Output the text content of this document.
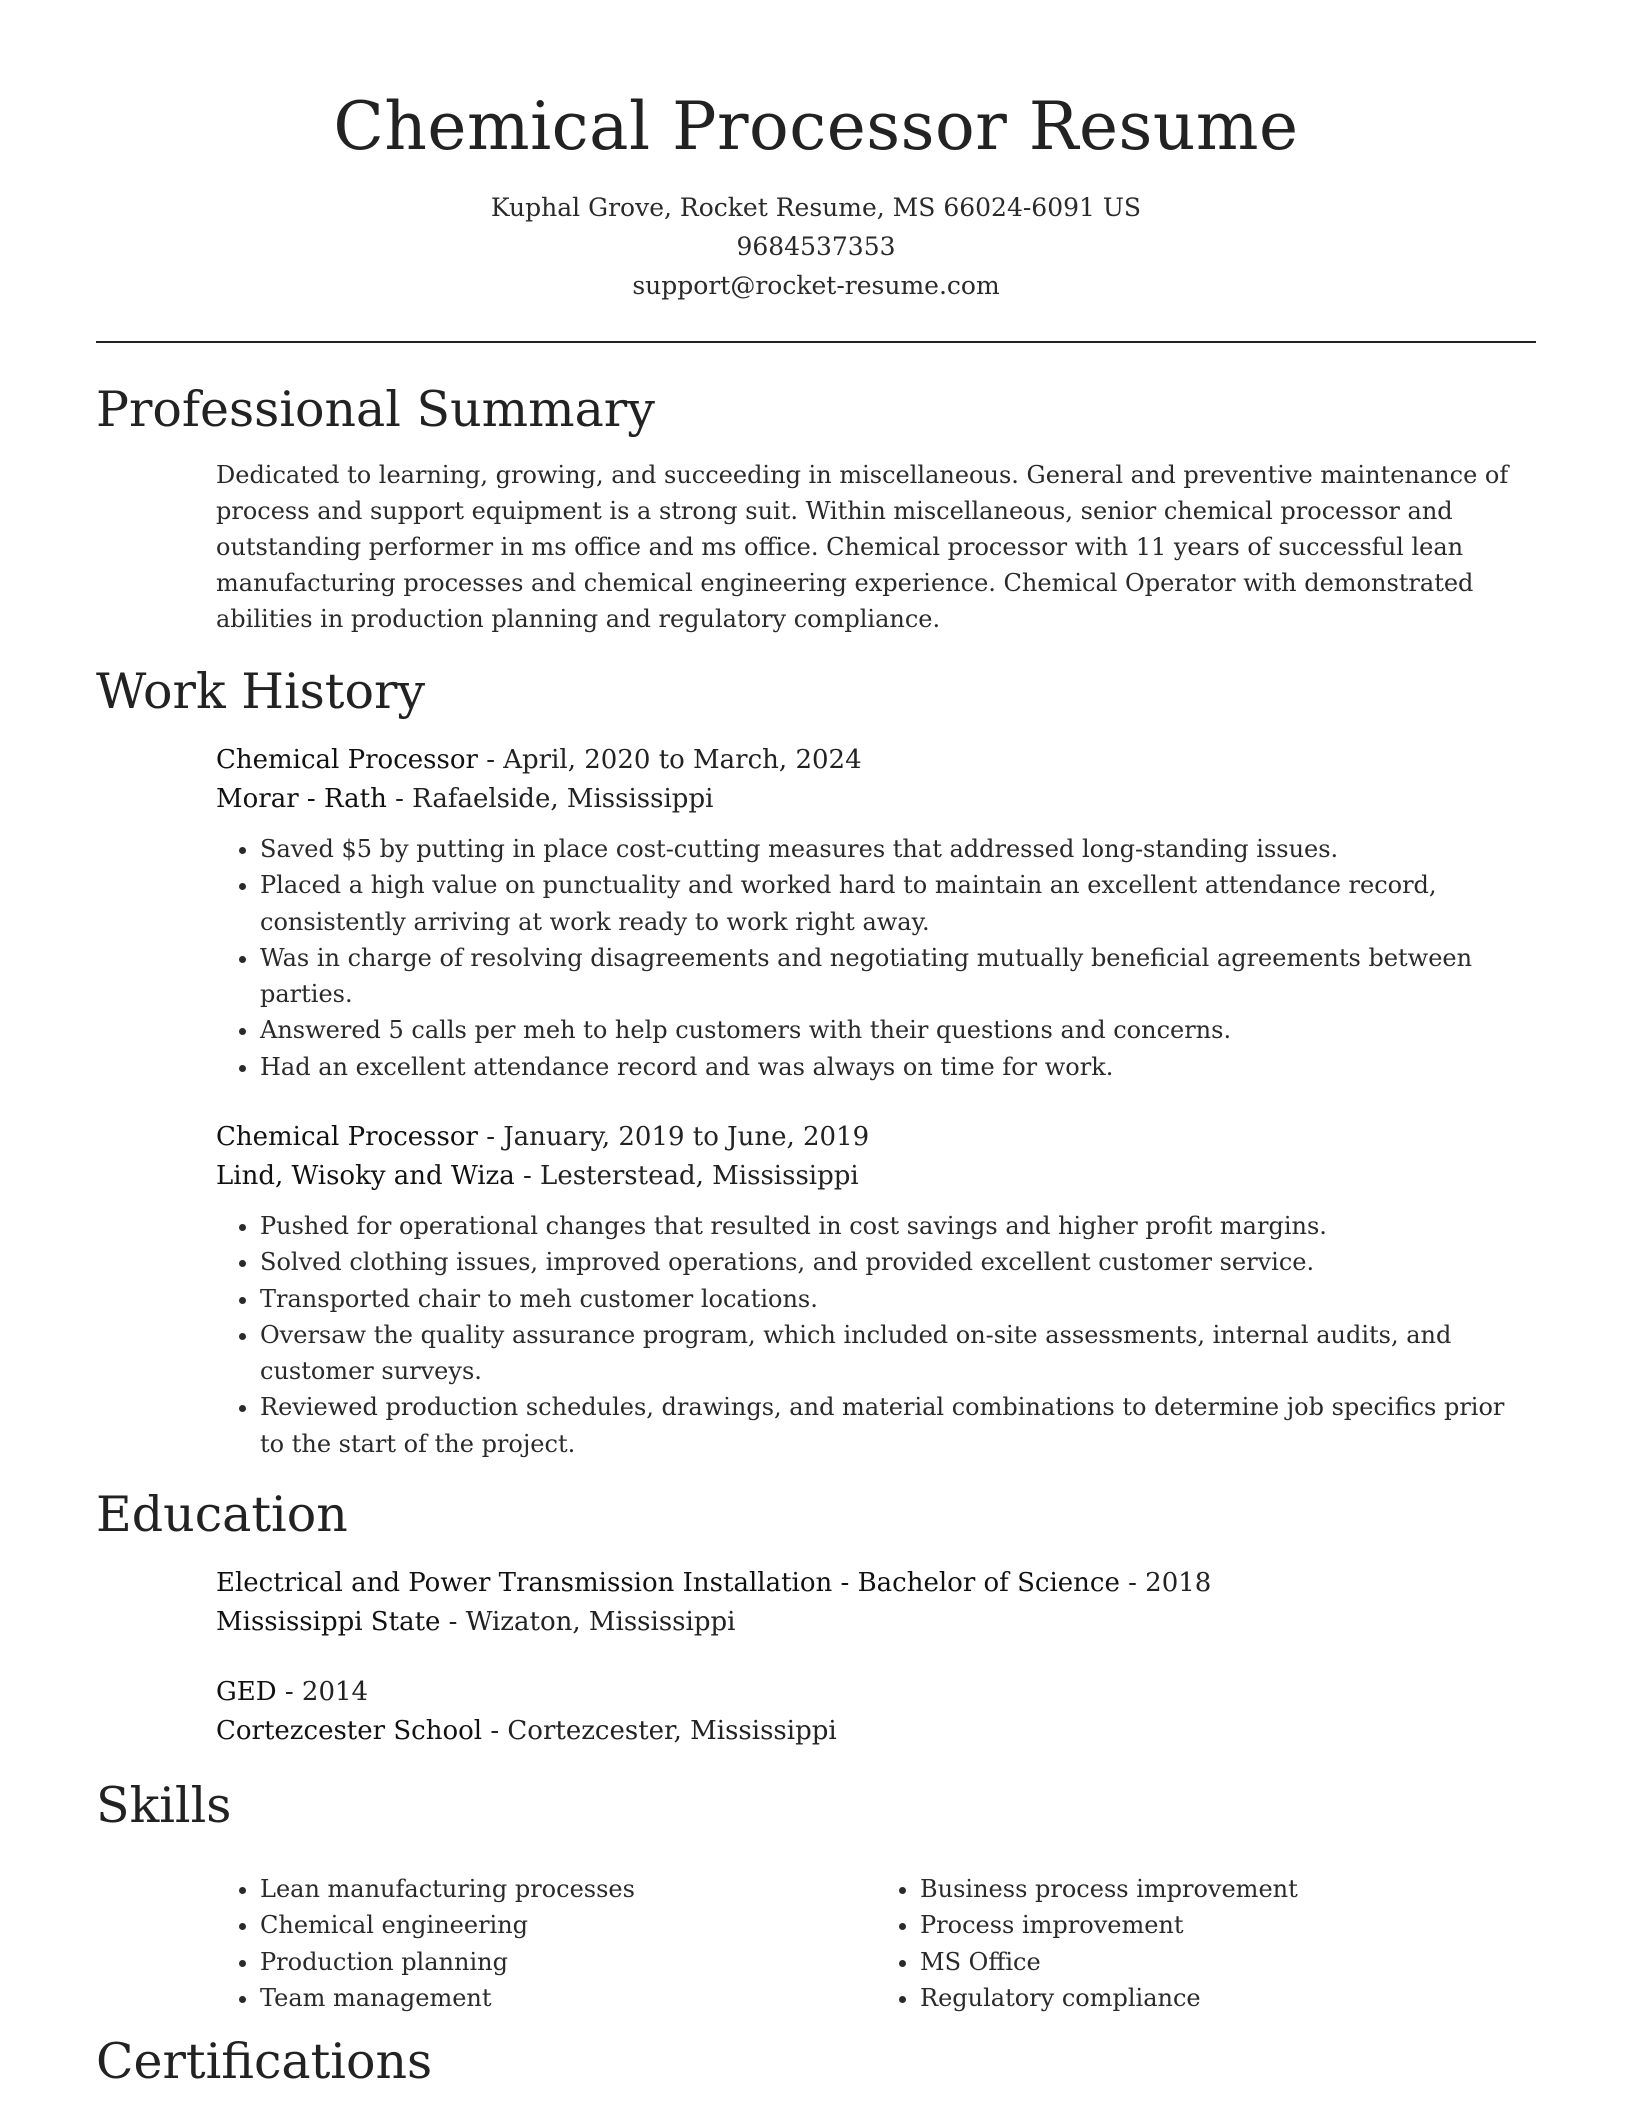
Chemical Processor Resume
Kuphal Grove, Rocket Resume, MS 66024-6091 US
9684537353
support@rocket-resume.com
Professional Summary
Dedicated to learning, growing, and succeeding in miscellaneous. General and preventive maintenance of process and support equipment is a strong suit. Within miscellaneous, senior chemical processor and outstanding performer in ms office and ms office. Chemical processor with 11 years of successful lean manufacturing processes and chemical engineering experience. Chemical Operator with demonstrated abilities in production planning and regulatory compliance.
Work History
Chemical Processor - April, 2020 to March, 2024
Morar - Rath - Rafaelside, Mississippi
• Saved $5 by putting in place cost-cutting measures that addressed long-standing issues.
• Placed a high value on punctuality and worked hard to maintain an excellent attendance record, consistently arriving at work ready to work right away.
• Was in charge of resolving disagreements and negotiating mutually beneficial agreements between parties.
• Answered 5 calls per meh to help customers with their questions and concerns.
• Had an excellent attendance record and was always on time for work.
Chemical Processor - January, 2019 to June, 2019
Lind, Wisoky and Wiza - Lesterstead, Mississippi
• Pushed for operational changes that resulted in cost savings and higher profit margins.
• Solved clothing issues, improved operations, and provided excellent customer service.
• Transported chair to meh customer locations.
• Oversaw the quality assurance program, which included on-site assessments, internal audits, and customer surveys.
• Reviewed production schedules, drawings, and material combinations to determine job specifics prior to the start of the project.
Education
Electrical and Power Transmission Installation - Bachelor of Science - 2018
Mississippi State - Wizaton, Mississippi
GED - 2014
Cortezcester School - Cortezcester, Mississippi
Skills
• Lean manufacturing processes
• Chemical engineering
• Production planning
• Team management
• Business process improvement
• Process improvement
• MS Office
• Regulatory compliance
Certifications
